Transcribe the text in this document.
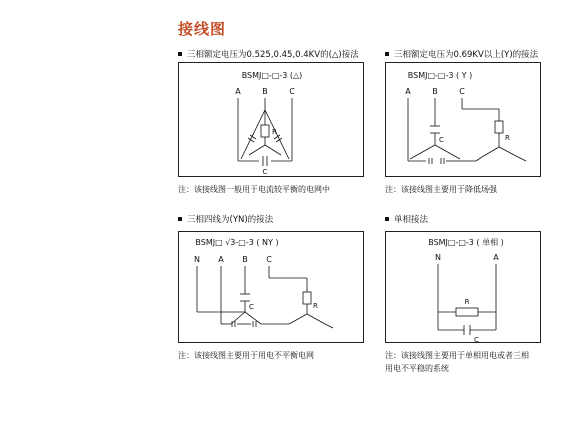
接线图
三相额定电压为0.525,0.45,0.4KV的(△)接法
BSMJ□-□-3 (△)
A	B	C
R
C
注：该接线图一般用于电流较平衡的电网中
三相额定电压为0.69KV以上(Y)的接法
BSMJ□-□-3 ( Y )
A	B	C
C	R
注：该接线图主要用于降低场强
三相四线为(YN)的接法
BSMJ□ √3-□-3 ( NY )
N A B C
C	R
注：该接线图主要用于用电不平衡电网
单相接法
BSMJ□-□-3 ( 单相 )
N	A
R
C
注：该接线图主要用于单相用电或者三相
用电不平稳的系统
